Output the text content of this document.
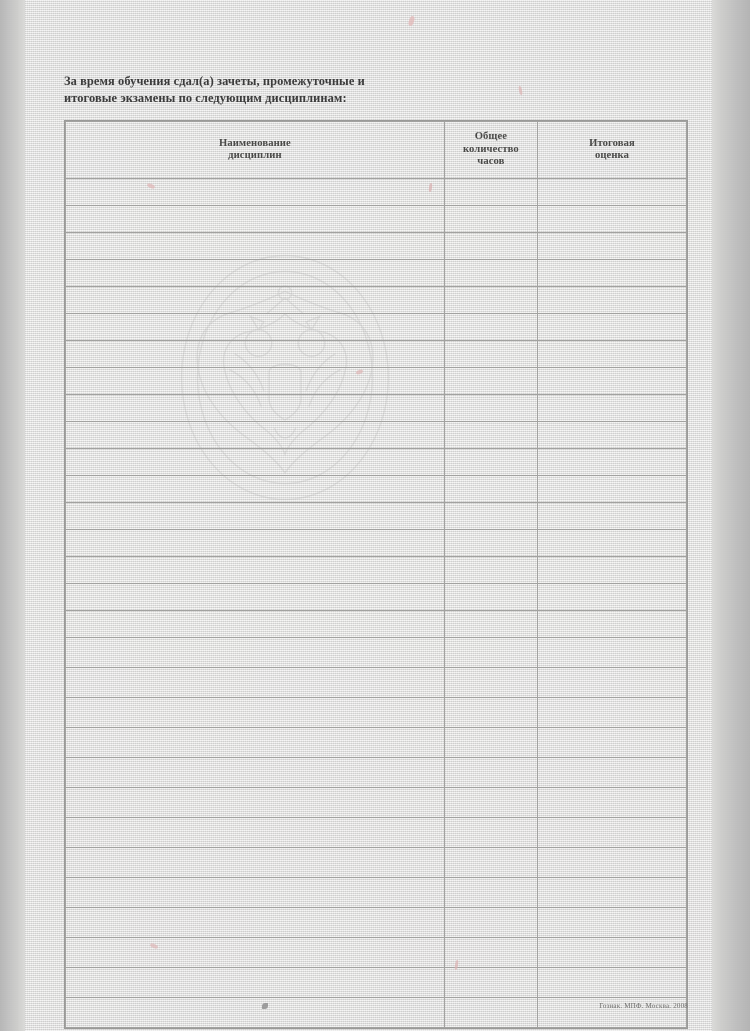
За время обучения сдал(а) зачеты, промежуточные и
итоговые экзамены по следующим дисциплинам:
Наименование
дисциплин

Общее
количество
часов

Итоговая
оценка

Гознак. МПФ. Москва. 2008
